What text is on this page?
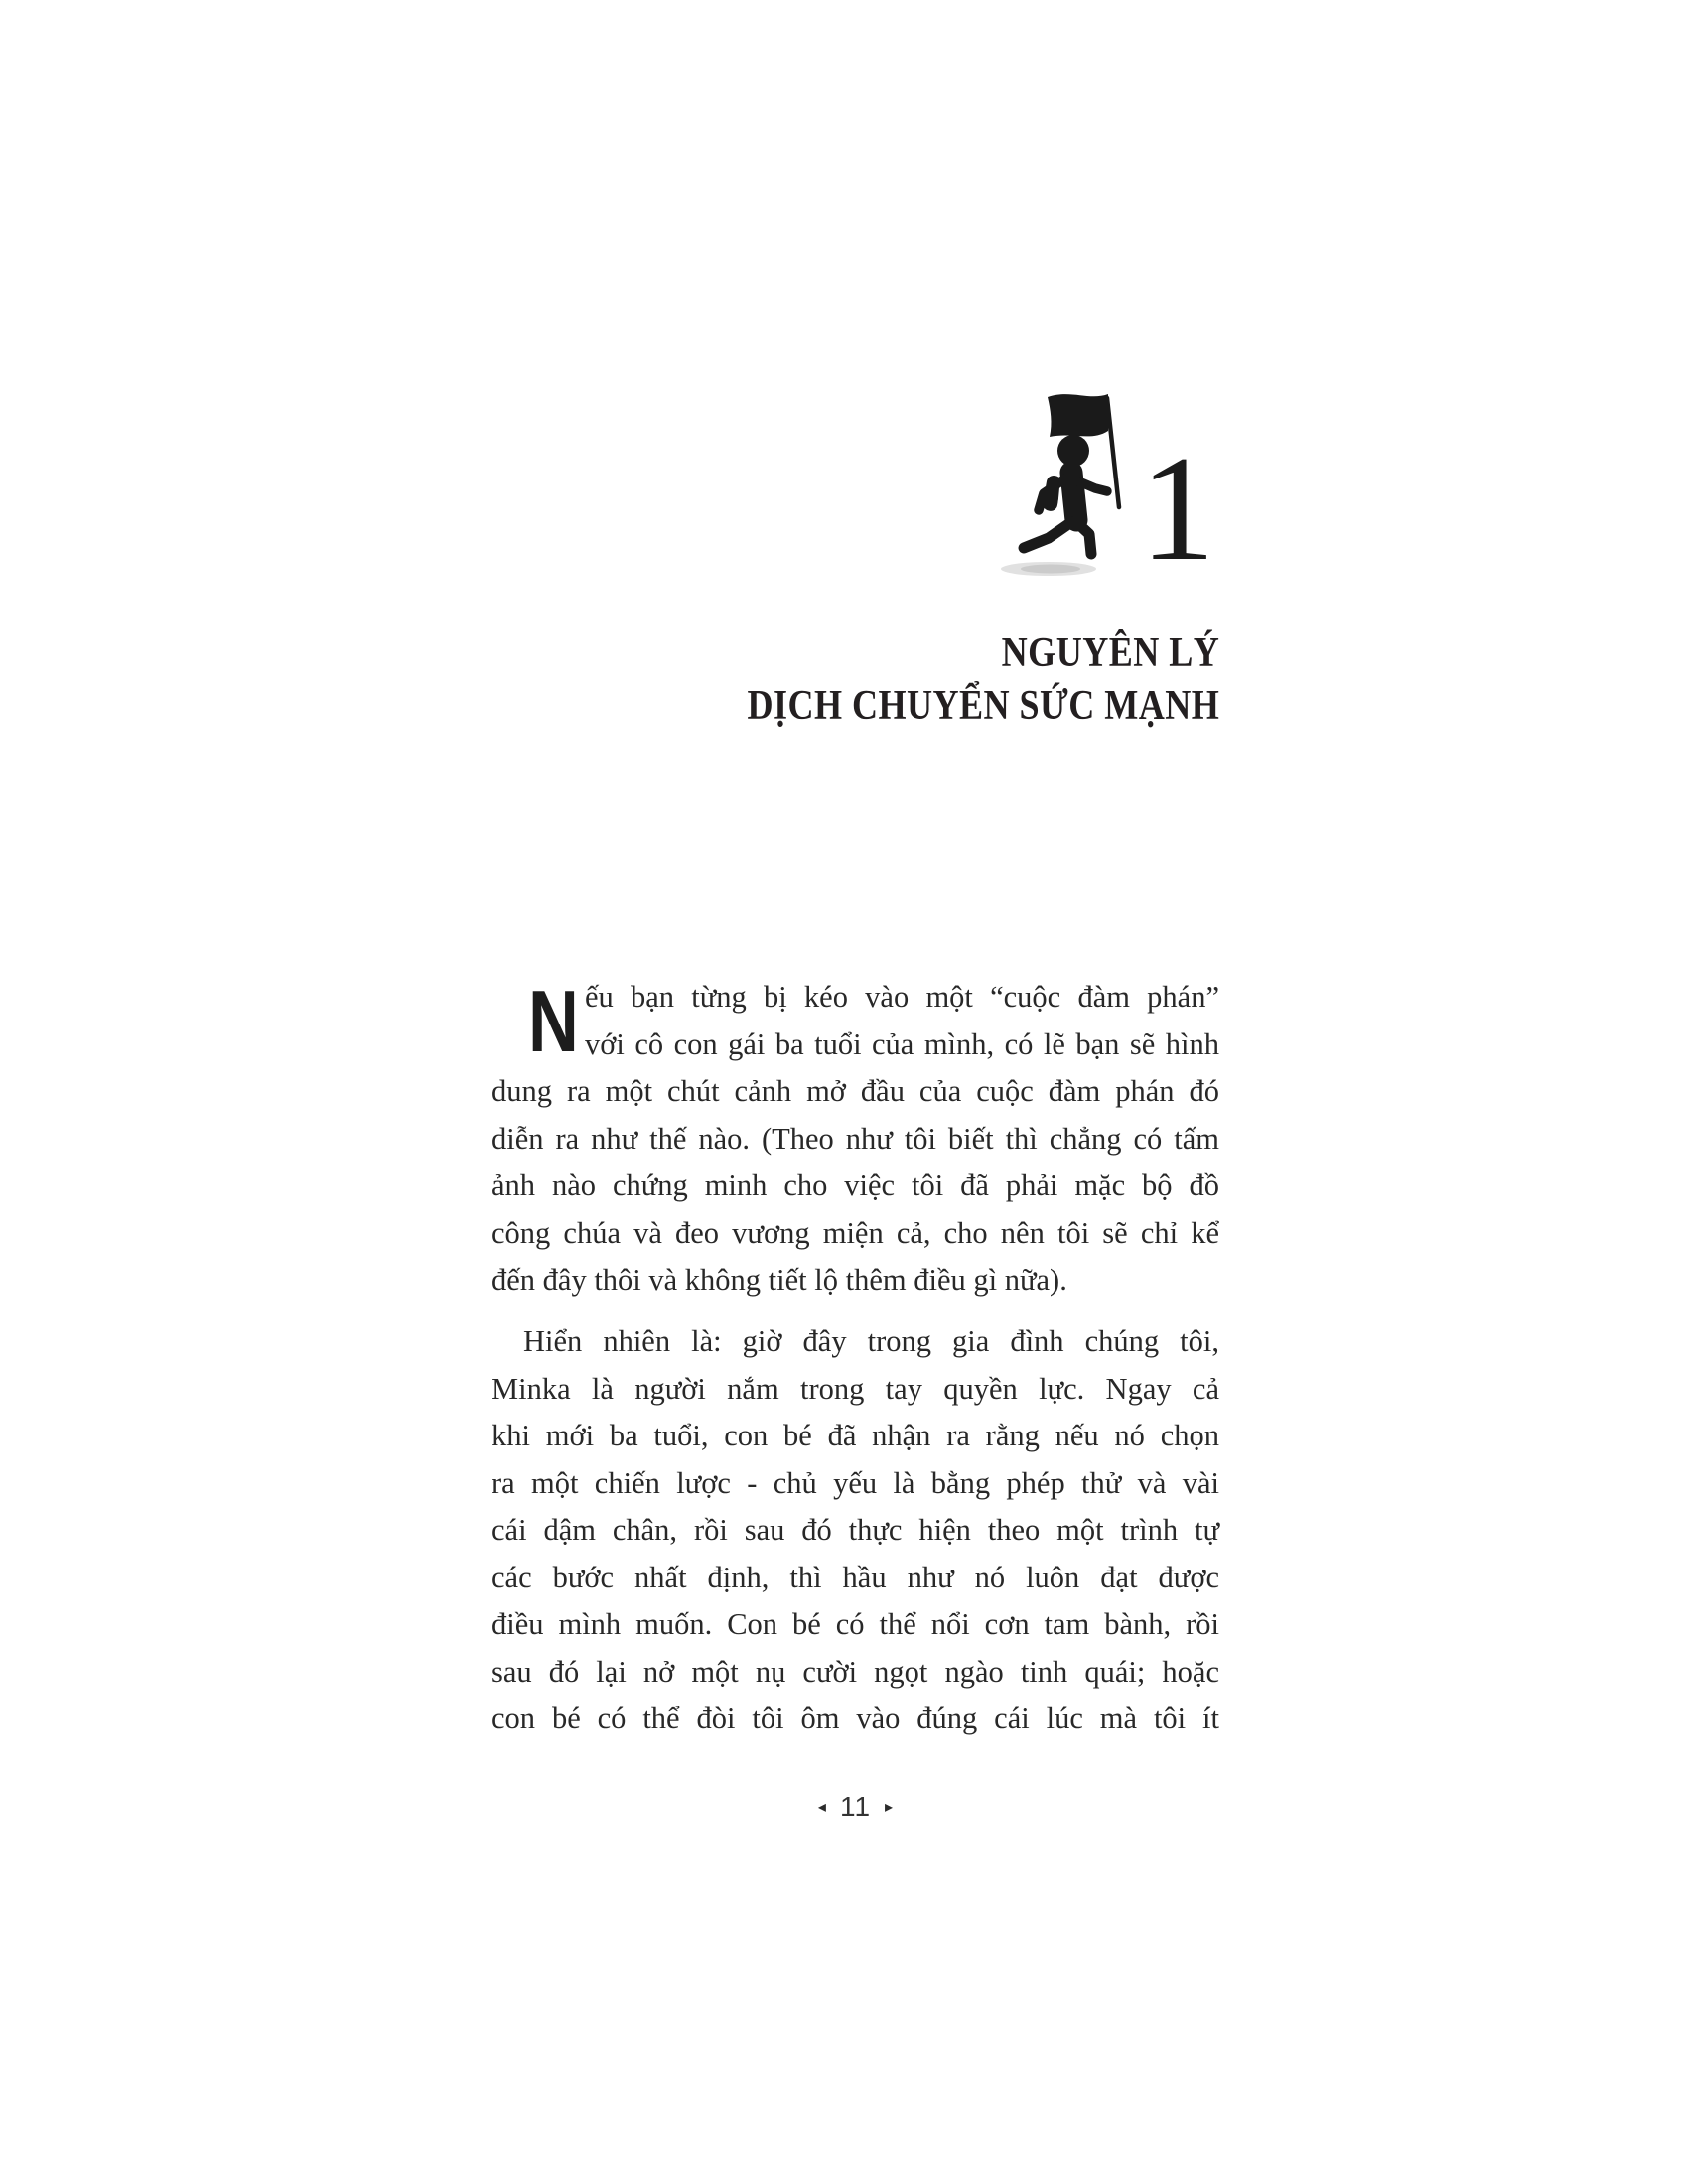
1
NGUYÊN LÝ
DỊCH CHUYỂN SỨC MẠNH
N ếu bạn từng bị kéo vào một “cuộc đàm phán”
với cô con gái ba tuổi của mình, có lẽ bạn sẽ hình
dung ra một chút cảnh mở đầu của cuộc đàm phán đó
diễn ra như thế nào. (Theo như tôi biết thì chẳng có tấm
ảnh nào chứng minh cho việc tôi đã phải mặc bộ đồ
công chúa và đeo vương miện cả, cho nên tôi sẽ chỉ kể
đến đây thôi và không tiết lộ thêm điều gì nữa).
Hiển nhiên là: giờ đây trong gia đình chúng tôi,
Minka là người nắm trong tay quyền lực. Ngay cả
khi mới ba tuổi, con bé đã nhận ra rằng nếu nó chọn
ra một chiến lược - chủ yếu là bằng phép thử và vài
cái dậm chân, rồi sau đó thực hiện theo một trình tự
các bước nhất định, thì hầu như nó luôn đạt được
điều mình muốn. Con bé có thể nổi cơn tam bành, rồi
sau đó lại nở một nụ cười ngọt ngào tinh quái; hoặc
con bé có thể đòi tôi ôm vào đúng cái lúc mà tôi ít
◂ 11 ▸
